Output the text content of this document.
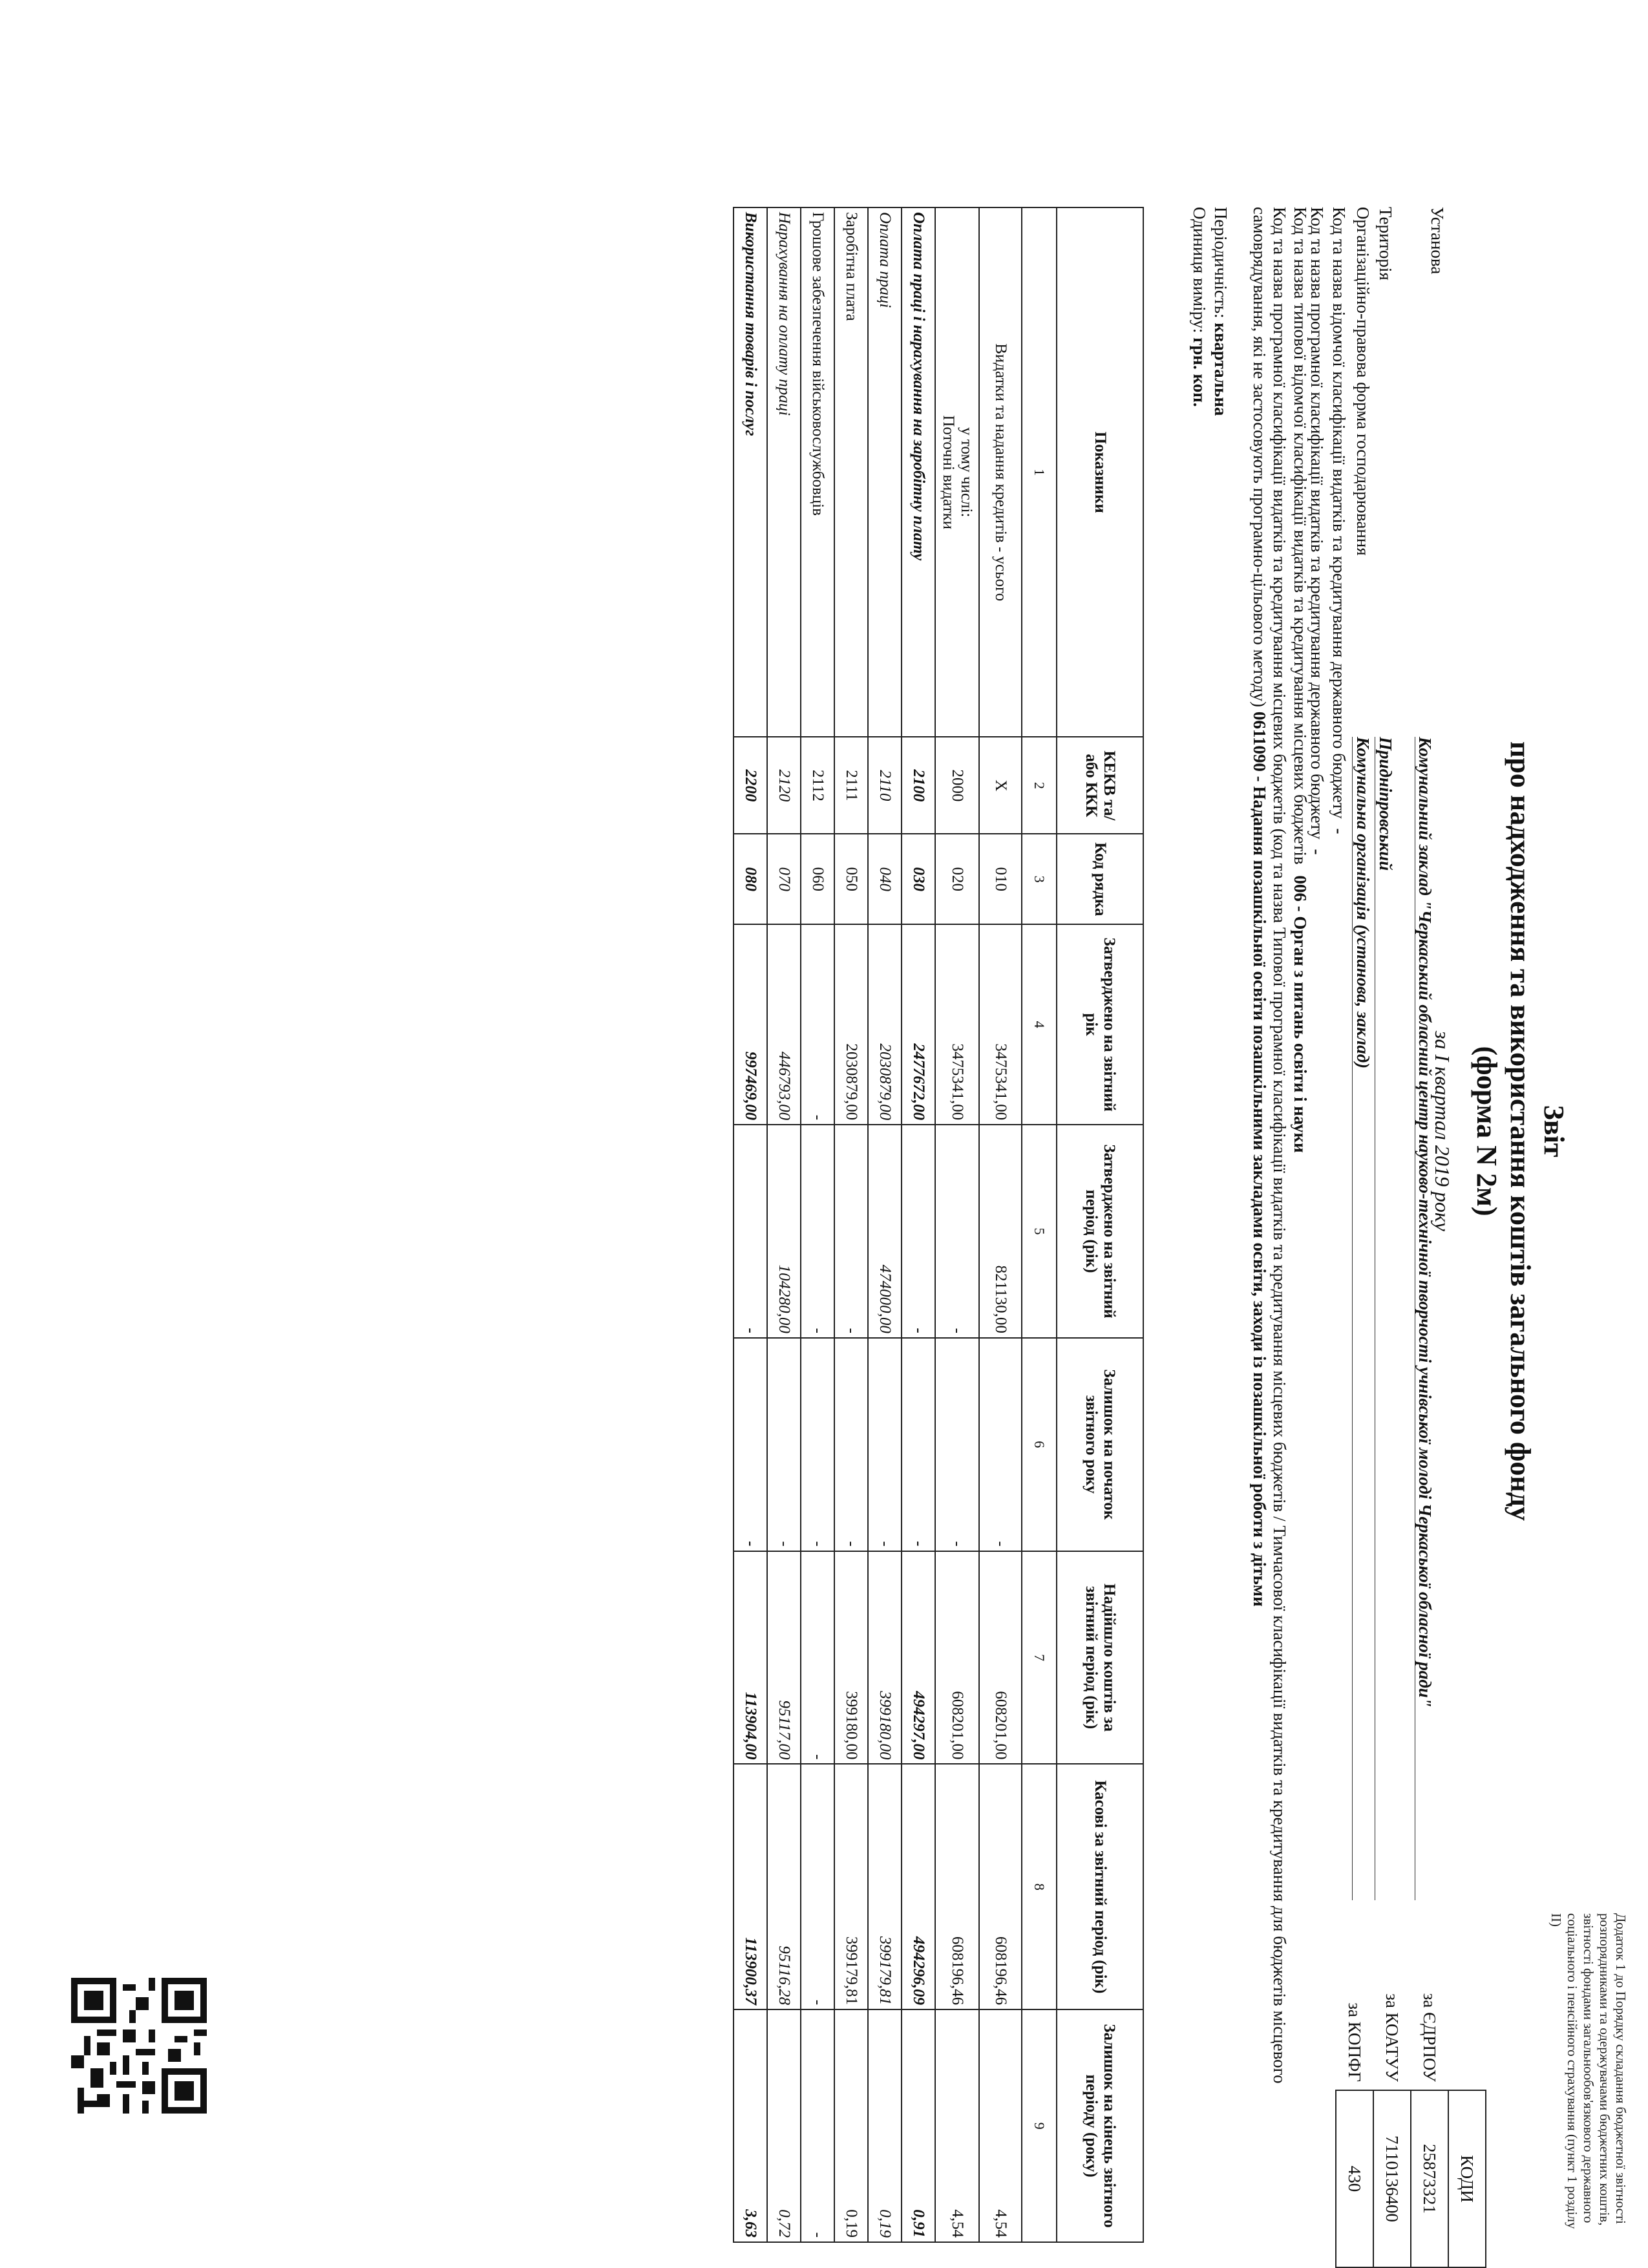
Додаток 1 до Порядку складання бюджетної звітності розпорядниками та одержувачами бюджетних коштів, звітності фондами загальнообов'язкового державного соціального і пенсійного страхування (пункт 1 розділу II)
Звіт
про надходження та використання коштів загального фонду
(форма N 2м)
за I квартал 2019 року
Установа
Комунальний заклад "Черкаський обласний центр науково-технічної творчості учнівської молоді Черкаської обласної ради"
Територія
Придніпровський
Організаційно-правова форма господарювання
Комунальна організація (установа, заклад)
Код та назва відомчої класифікації видатків та кредитування державного бюджету -
Код та назва програмної класифікації видатків та кредитування державного бюджету -
Код та назва типової відомчої класифікації видатків та кредитування місцевих бюджетів 006 - Орган з питань освіти і науки
	КОДИ
за ЄДРПОУ	25873321
за КОАТУУ	7110136400
за КОПФГ	430
Код та назва програмної класифікації видатків та кредитування місцевих бюджетів (код та назва Типової програмної класифікації видатків та кредитування місцевих бюджетів / Тимчасової класифікації видатків та кредитування для бюджетів місцевого самоврядування, які не застосовують програмно-цільового методу) 0611090 - Надання позашкільної освіти позашкільними закладами освіти, заходи із позашкільної роботи з дітьми
Періодичність: квартальна
Одиниця виміру: грн. коп.
Показники	КЕКВ та/або ККК	Код рядка	Затверджено на звітний рік	Затверджено на звітний період (рік)	Залишок на початок звітного року	Надійшло коштів за звітний період (рік)	Касові за звітний період (рік)	Залишок на кінець звітного періоду (року)
1	2	3	4	5	6	7	8	9
Видатки та надання кредитів - усього	X	010	3475341,00	821130,00	-	608201,00	608196,46	4,54

у тому числі:
Поточні видатки	2000	020	3475341,00	-	-	608201,00	608196,46	4,54
Оплата праці і нарахування на заробітну плату	2100	030	2477672,00	-	-	494297,00	494296,09	0,91
Оплата праці	2110	040	2030879,00	474000,00	-	399180,00	399179,81	0,19
Заробітна плата	2111	050	2030879,00	-	-	399180,00	399179,81	0,19
Грошове забезпечення військовослужбовців	2112	060	-	-	-	-	-	-
Нарахування на оплату праці	2120	070	446793,00	104280,00	-	95117,00	95116,28	0,72
Використання товарів і послуг	2200	080	997469,00	-	-	113904,00	113900,37	3,63
